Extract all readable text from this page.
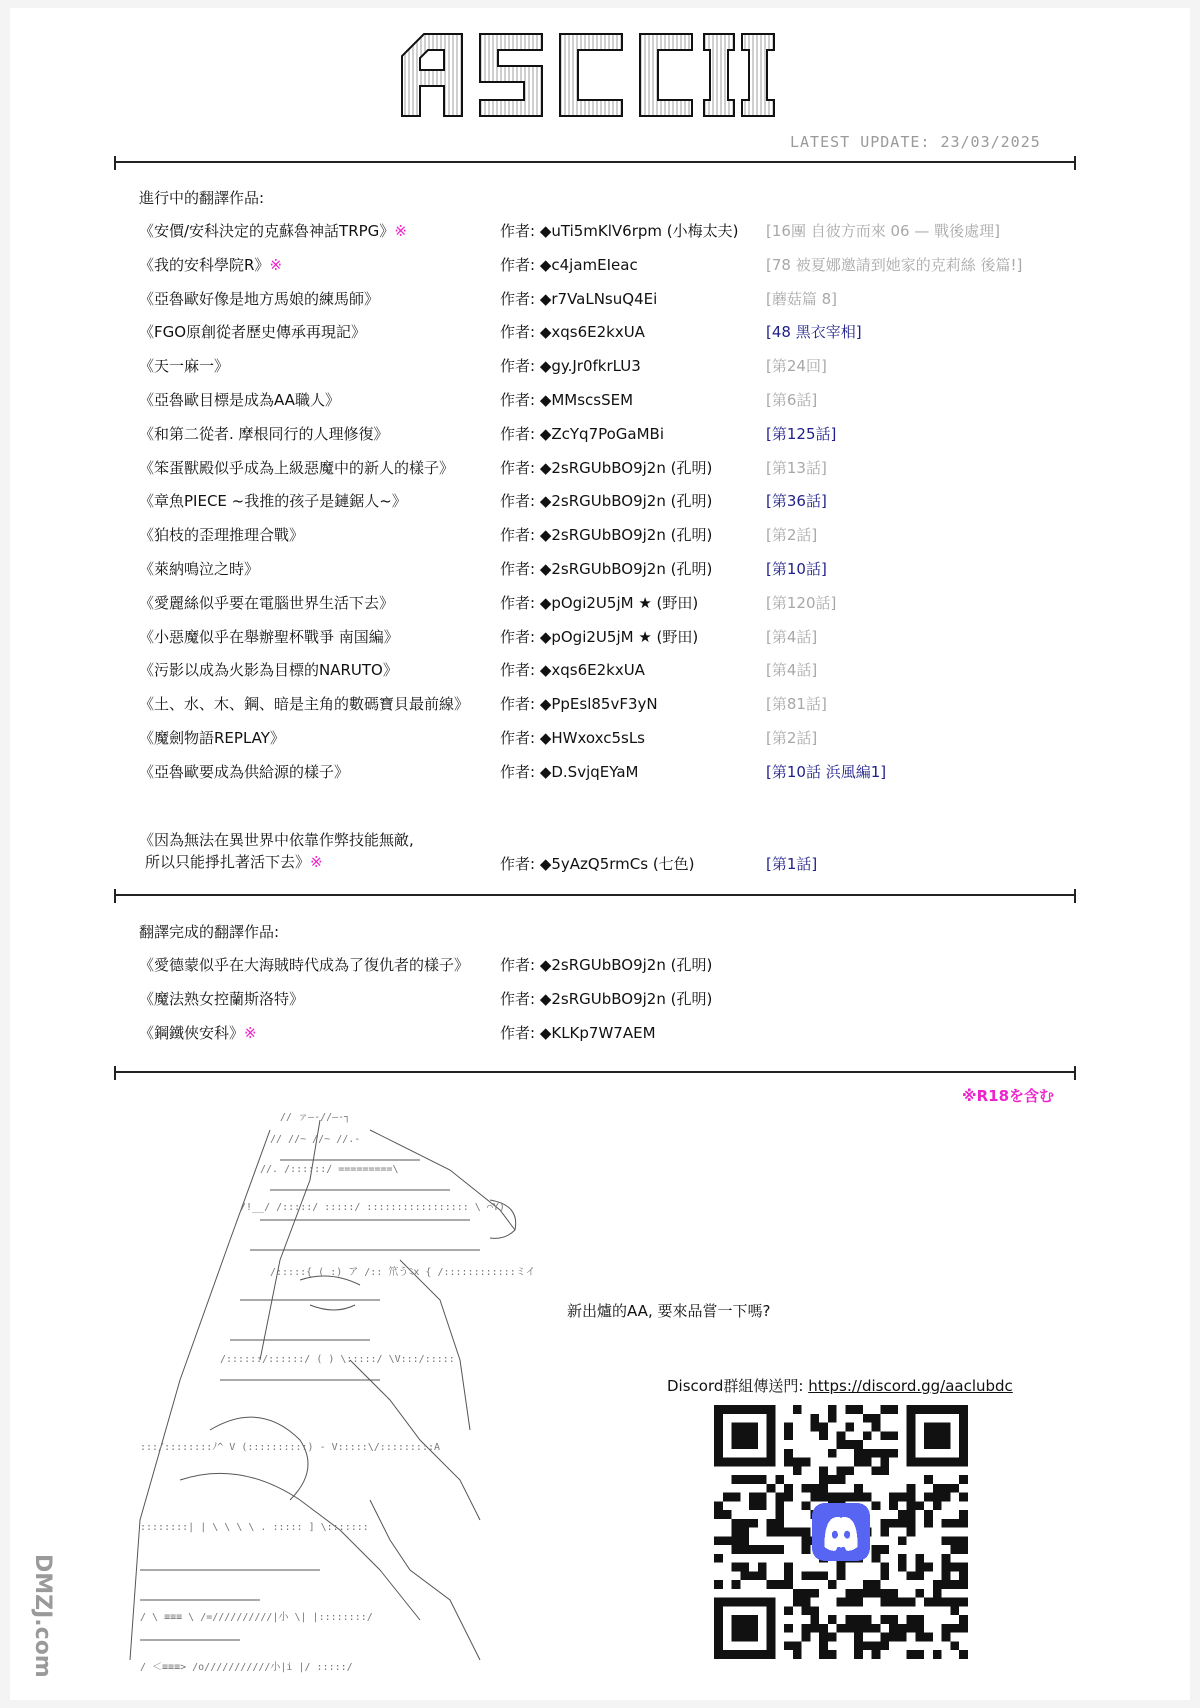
LATEST UPDATE: 23/03/2025
進行中的翻譯作品:
《安價/安科決定的克蘇魯神話TRPG》※	作者: ◆uTi5mKlV6rpm (小梅太夫) [16團 自彼方而來 06 — 戰後處理]
《我的安科學院R》※	作者: ◆c4jamEIeac	[78 被夏娜邀請到她家的克莉絲 後篇!]
《亞魯歐好像是地方馬娘的練馬師》	作者: ◆r7VaLNsuQ4Ei	[蘑菇篇 8]
《FGO原創從者歷史傳承再現記》	作者: ◆xqs6E2kxUA	[48 黑衣宰相]
《天一麻一》	作者: ◆gy.Jr0fkrLU3	[第24回]
《亞魯歐目標是成為AA職人》	作者: ◆MMscsSEM	[第6話]
《和第二從者. 摩根同行的人理修復》	作者: ◆ZcYq7PoGaMBi	[第125話]
《笨蛋獸殿似乎成為上級惡魔中的新人的樣子》	作者: ◆2sRGUbBO9j2n (孔明)	[第13話]
《章魚PIECE ~我推的孩子是鏈鋸人~》	作者: ◆2sRGUbBO9j2n (孔明)	[第36話]
《狛枝的歪理推理合戰》	作者: ◆2sRGUbBO9j2n (孔明)	[第2話]
《萊納鳴泣之時》	作者: ◆2sRGUbBO9j2n (孔明)	[第10話]
《愛麗絲似乎要在電腦世界生活下去》	作者: ◆pOgi2U5jM ★ (野田)	[第120話]
《小惡魔似乎在舉辦聖杯戰爭 南国編》	作者: ◆pOgi2U5jM ★ (野田)	[第4話]
《污影以成為火影為目標的NARUTO》	作者: ◆xqs6E2kxUA	[第4話]
《土、水、木、鋼、暗是主角的數碼寶貝最前線》 作者: ◆PpEsl85vF3yN	[第81話]
《魔劍物語REPLAY》	作者: ◆HWxoxc5sLs	[第2話]
《亞魯歐要成為供給源的樣子》	作者: ◆D.SvjqEYaM	[第10話 浜風編1]
《因為無法在異世界中依靠作弊技能無敵,
所以只能掙扎著活下去》※	作者: ◆5yAzQ5rmCs (七色)	[第1話]
翻譯完成的翻譯作品:
《愛德蒙似乎在大海賊時代成為了復仇者的樣子》 作者: ◆2sRGUbBO9j2n (孔明)
《魔法熟女控蘭斯洛特》	作者: ◆2sRGUbBO9j2n (孔明)
《鋼鐵俠安科》※	作者: ◆KLKp7W7AEM
※R18を含む
// ァ—-//—-┐
// //~ //~ //.-
//. /::::::/ =========\
/!__/ /:::::/ :::::/ ::::::::::::::::: \ ⌒Y)
/:::::{ ( :) ア /:: 笊うﾐx { /::::::::::::ミイ
/::::::/::::::/ ( ) \:::::/ \V:::/:::::
:::/::::::::ﾉ^ V (::::::::::) - V:::::\/:::::::::A
::::::::| | \ \ \ \ . ::::: ] \:::::::
/ \ ≡≡≡ \ /=//////////|小 \| |::::::::/
/ ＜≡≡≡> /o///////////小|i |/ :::::/
新出爐的AA, 要來品嘗一下嗎?
Discord群組傳送門: https://discord.gg/aaclubdc
DMZJ.com
